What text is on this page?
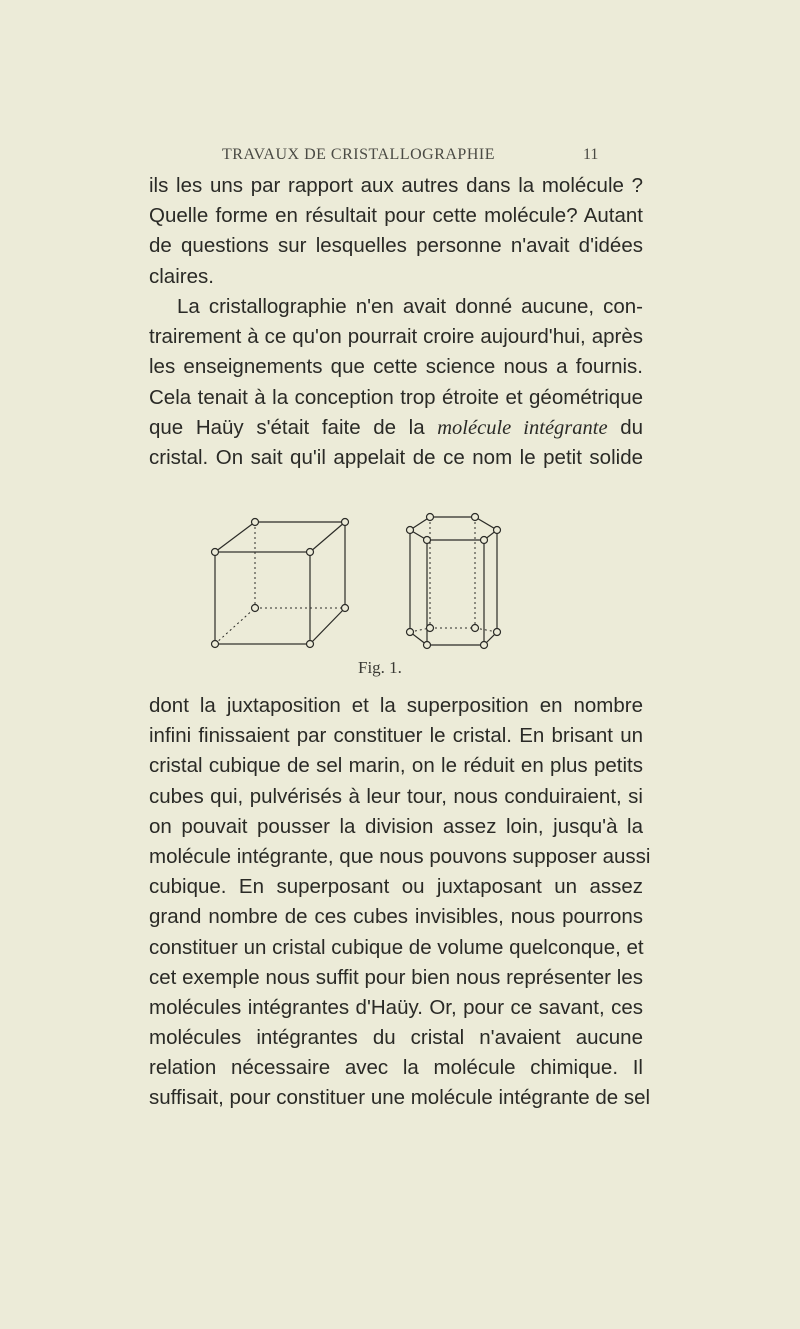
TRAVAUX DE CRISTALLOGRAPHIE	11
ils les uns par rapport aux autres dans la molécule ?
Quelle forme en résultait pour cette molécule? Autant
de questions sur lesquelles personne n'avait d'idées
claires.
La cristallographie n'en avait donné aucune, con-
trairement à ce qu'on pourrait croire aujourd'hui, après
les enseignements que cette science nous a fournis.
Cela tenait à la conception trop étroite et géométrique
que Haüy s'était faite de la molécule intégrante du
cristal. On sait qu'il appelait de ce nom le petit solide
Fig. 1.
dont la juxtaposition et la superposition en nombre
infini finissaient par constituer le cristal. En brisant un
cristal cubique de sel marin, on le réduit en plus petits
cubes qui, pulvérisés à leur tour, nous conduiraient, si
on pouvait pousser la division assez loin, jusqu'à la
molécule intégrante, que nous pouvons supposer aussi
cubique. En superposant ou juxtaposant un assez
grand nombre de ces cubes invisibles, nous pourrons
constituer un cristal cubique de volume quelconque, et
cet exemple nous suffit pour bien nous représenter les
molécules intégrantes d'Haüy. Or, pour ce savant, ces
molécules intégrantes du cristal n'avaient aucune
relation nécessaire avec la molécule chimique. Il
suffisait, pour constituer une molécule intégrante de sel
